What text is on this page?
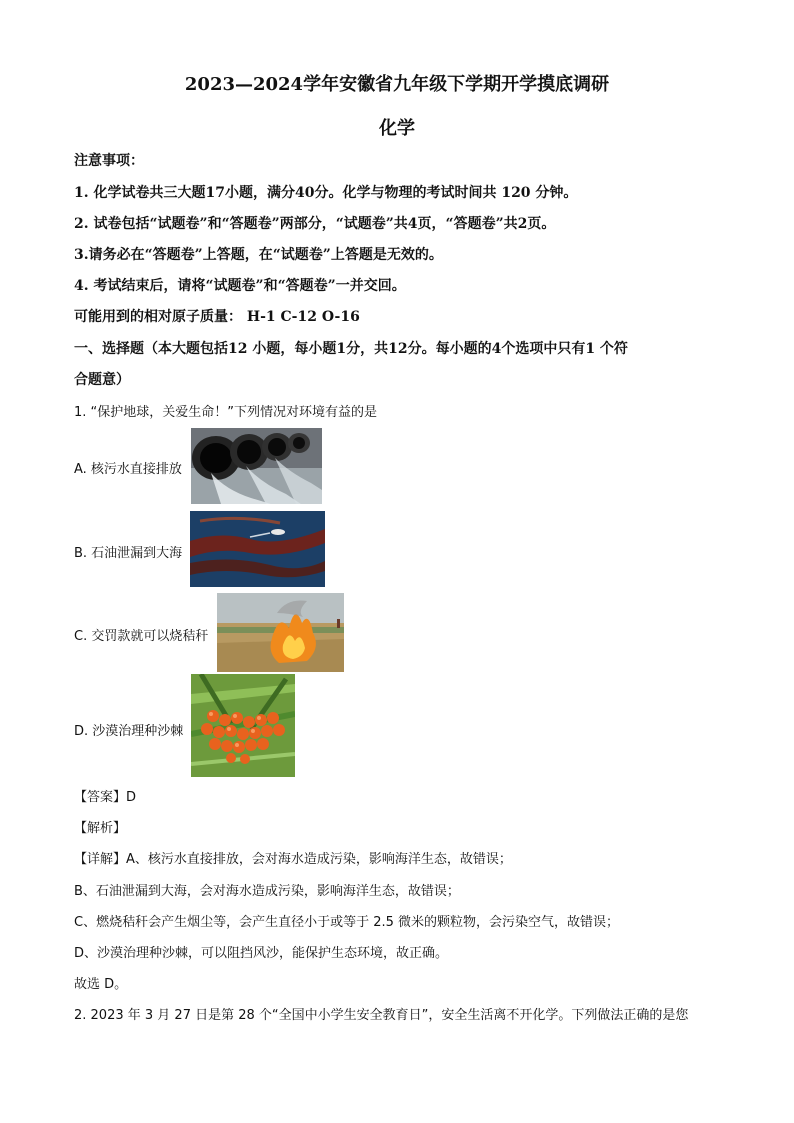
2023—2024学年安徽省九年级下学期开学摸底调研
化学
注意事项：
1. 化学试卷共三大题17小题，满分40分。化学与物理的考试时间共 120 分钟。
2. 试卷包括“试题卷”和“答题卷”两部分，“试题卷”共4页，“答题卷”共2页。
3.请务必在“答题卷”上答题，在“试题卷”上答题是无效的。
4. 考试结束后，请将“试题卷”和“答题卷”一并交回。
可能用到的相对原子质量： H-1 C-12 O-16
一、选择题（本大题包括12 小题，每小题1分，共12分。每小题的4个选项中只有1 个符
合题意）
1. “保护地球，关爱生命！”下列情况对环境有益的是
A. 核污水直接排放
B. 石油泄漏到大海
C. 交罚款就可以烧秸秆
D. 沙漠治理种沙棘
【答案】D
【解析】
【详解】A、核污水直接排放，会对海水造成污染，影响海洋生态，故错误；
B、石油泄漏到大海，会对海水造成污染，影响海洋生态，故错误；
C、燃烧秸秆会产生烟尘等，会产生直径小于或等于 2.5 微米的颗粒物，会污染空气，故错误；
D、沙漠治理种沙棘，可以阻挡风沙，能保护生态环境，故正确。
故选 D。
2. 2023 年 3 月 27 日是第 28 个“全国中小学生安全教育日”，安全生活离不开化学。下列做法正确的是您
